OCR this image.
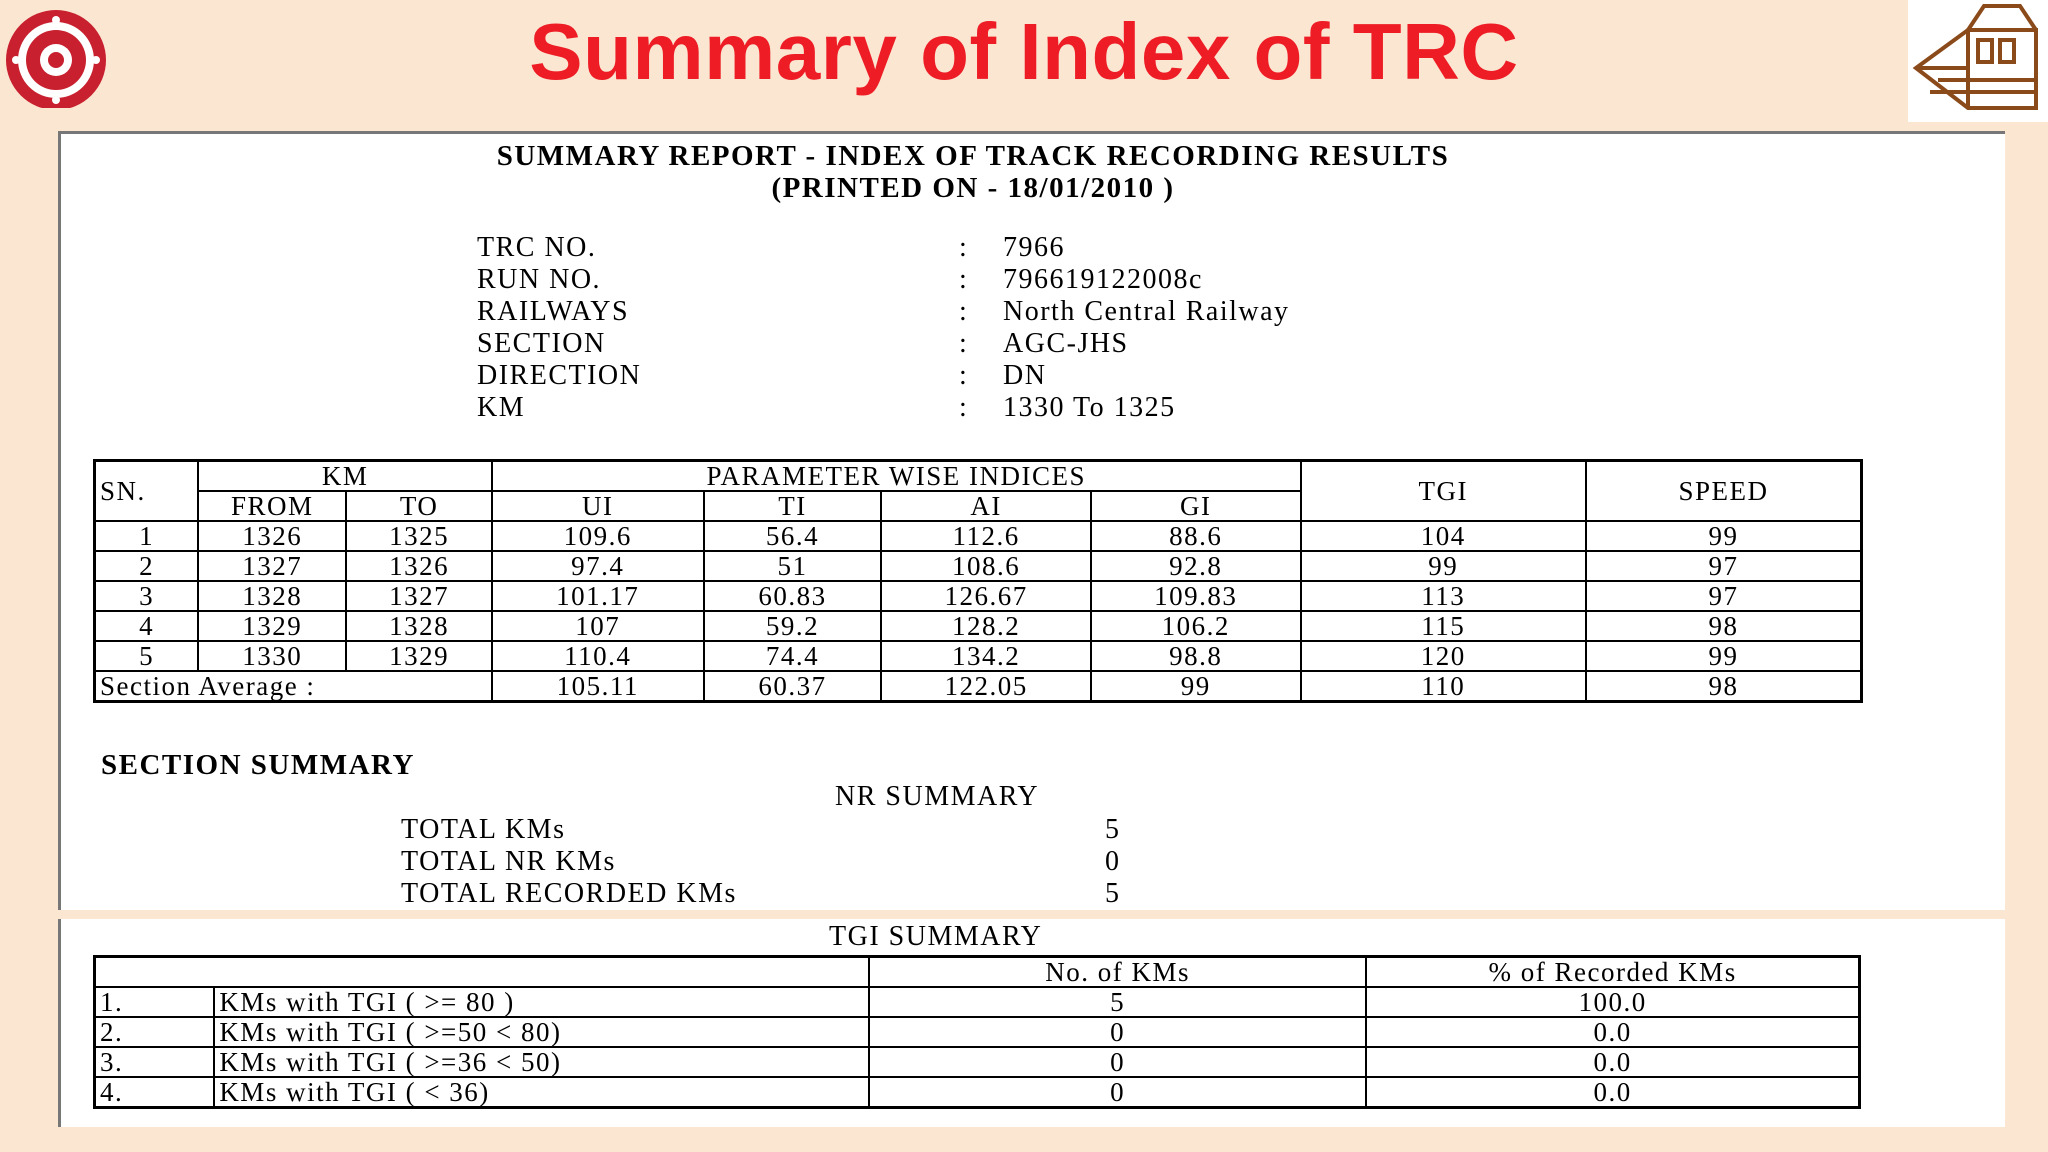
Summary of Index of TRC
SUMMARY REPORT - INDEX OF TRACK RECORDING RESULTS
(PRINTED ON - 18/01/2010 )
TRC NO.	: 7966
RUN NO.	: 796619122008c
RAILWAYS	: North Central Railway
SECTION	: AGC-JHS
DIRECTION	: DN
KM	: 1330 To 1325
SN.	KM		PARAMETER WISE INDICES				TGI	SPEED
	FROM	TO	UI	TI	AI	GI		
1	1326	1325	109.6	56.4	112.6	88.6	104	99
2	1327	1326	97.4	51	108.6	92.8	99	97
3	1328	1327	101.17	60.83	126.67	109.83	113	97
4	1329	1328	107	59.2	128.2	106.2	115	98
5	1330	1329	110.4	74.4	134.2	98.8	120	99
Section Average :			105.11	60.37	122.05	99	110	98
SECTION SUMMARY
NR SUMMARY
TOTAL KMs	5
TOTAL NR KMs	0
TOTAL RECORDED KMs	5
TGI SUMMARY
		No. of KMs	% of Recorded KMs
1.	KMs with TGI ( >= 80 )	5	100.0
2.	KMs with TGI ( >=50 < 80)	0	0.0
3.	KMs with TGI ( >=36 < 50)	0	0.0
4.	KMs with TGI ( < 36)	0	0.0
